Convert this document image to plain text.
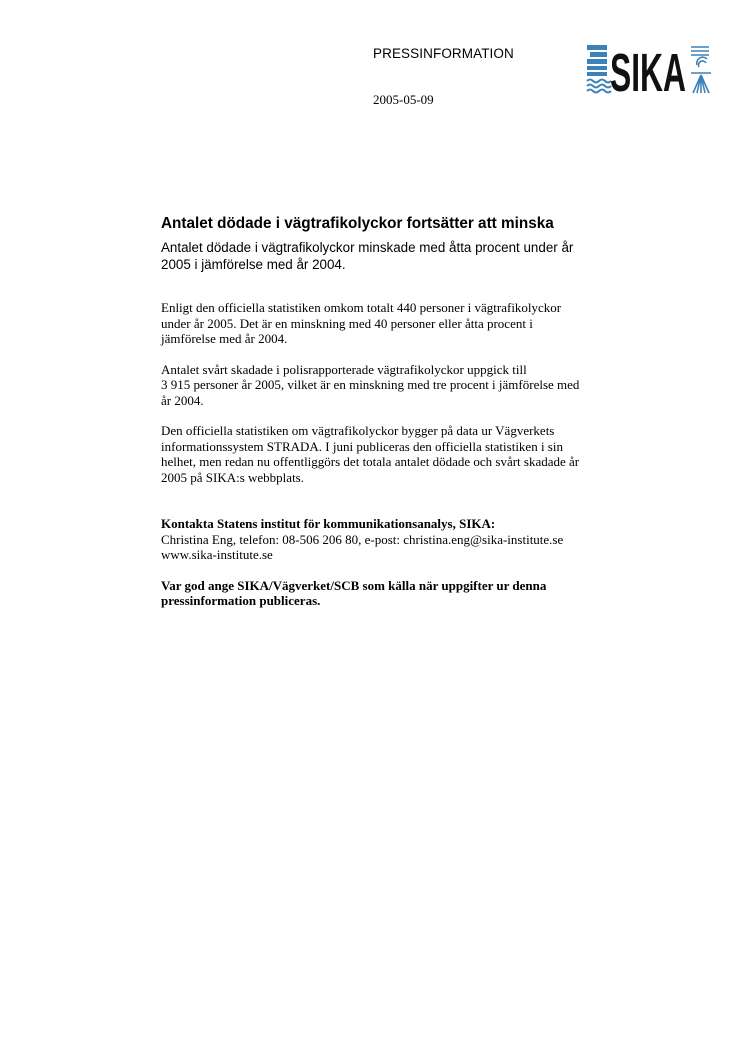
PRESSINFORMATION
2005-05-09	SIKA
Antalet dödade i vägtrafikolyckor fortsätter att minska

Antalet dödade i vägtrafikolyckor minskade med åtta procent under år
2005 i jämförelse med år 2004.

Enligt den officiella statistiken omkom totalt 440 personer i vägtrafikolyckor
under år 2005. Det är en minskning med 40 personer eller åtta procent i
jämförelse med år 2004.

Antalet svårt skadade i polisrapporterade vägtrafikolyckor uppgick till
3 915 personer år 2005, vilket är en minskning med tre procent i jämförelse med
år 2004.

Den officiella statistiken om vägtrafikolyckor bygger på data ur Vägverkets
informationssystem STRADA. I juni publiceras den officiella statistiken i sin
helhet, men redan nu offentliggörs det totala antalet dödade och svårt skadade år
2005 på SIKA:s webbplats.

Kontakta Statens institut för kommunikationsanalys, SIKA:
Christina Eng, telefon: 08-506 206 80, e-post: christina.eng@sika-institute.se
www.sika-institute.se
Var god ange SIKA/Vägverket/SCB som källa när uppgifter ur denna
pressinformation publiceras.
